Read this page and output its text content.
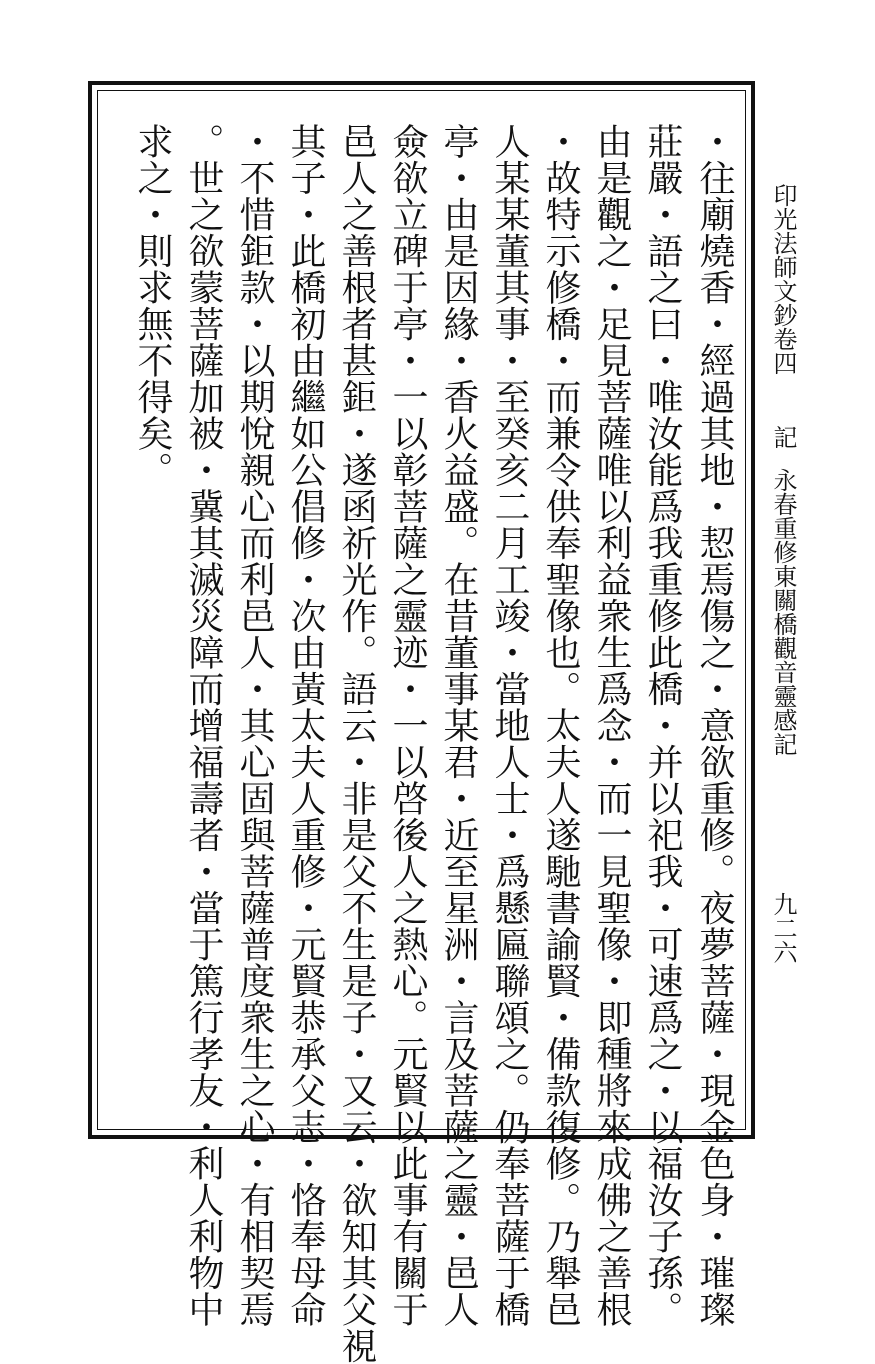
印光法師文鈔卷四
記
永春重修東關橋觀音靈感記
九二六
・往廟燒香・經過其地・恝焉傷之・意欲重修。夜夢菩薩・現金色身・璀璨
莊嚴・語之曰・唯汝能爲我重修此橋・并以祀我・可速爲之・以福汝子孫。
由是觀之・足見菩薩唯以利益衆生爲念・而一見聖像・即種將來成佛之善根
・故特示修橋・而兼令供奉聖像也。太夫人遂馳書諭賢・備款復修。乃舉邑
人某某董其事・至癸亥二月工竣・當地人士・爲懸匾聯頌之。仍奉菩薩于橋
亭・由是因緣・香火益盛。在昔董事某君・近至星洲・言及菩薩之靈・邑人
僉欲立碑于亭・一以彰菩薩之靈迹・一以啓後人之熱心。元賢以此事有關于
邑人之善根者甚鉅・遂函祈光作。語云・非是父不生是子・又云・欲知其父視
其子・此橋初由繼如公倡修・次由黃太夫人重修・元賢恭承父志・恪奉母命
・不惜鉅款・以期悅親心而利邑人・其心固與菩薩普度衆生之心・有相契焉
。世之欲蒙菩薩加被・冀其滅災障而增福壽者・當于篤行孝友・利人利物中
求之・則求無不得矣。
